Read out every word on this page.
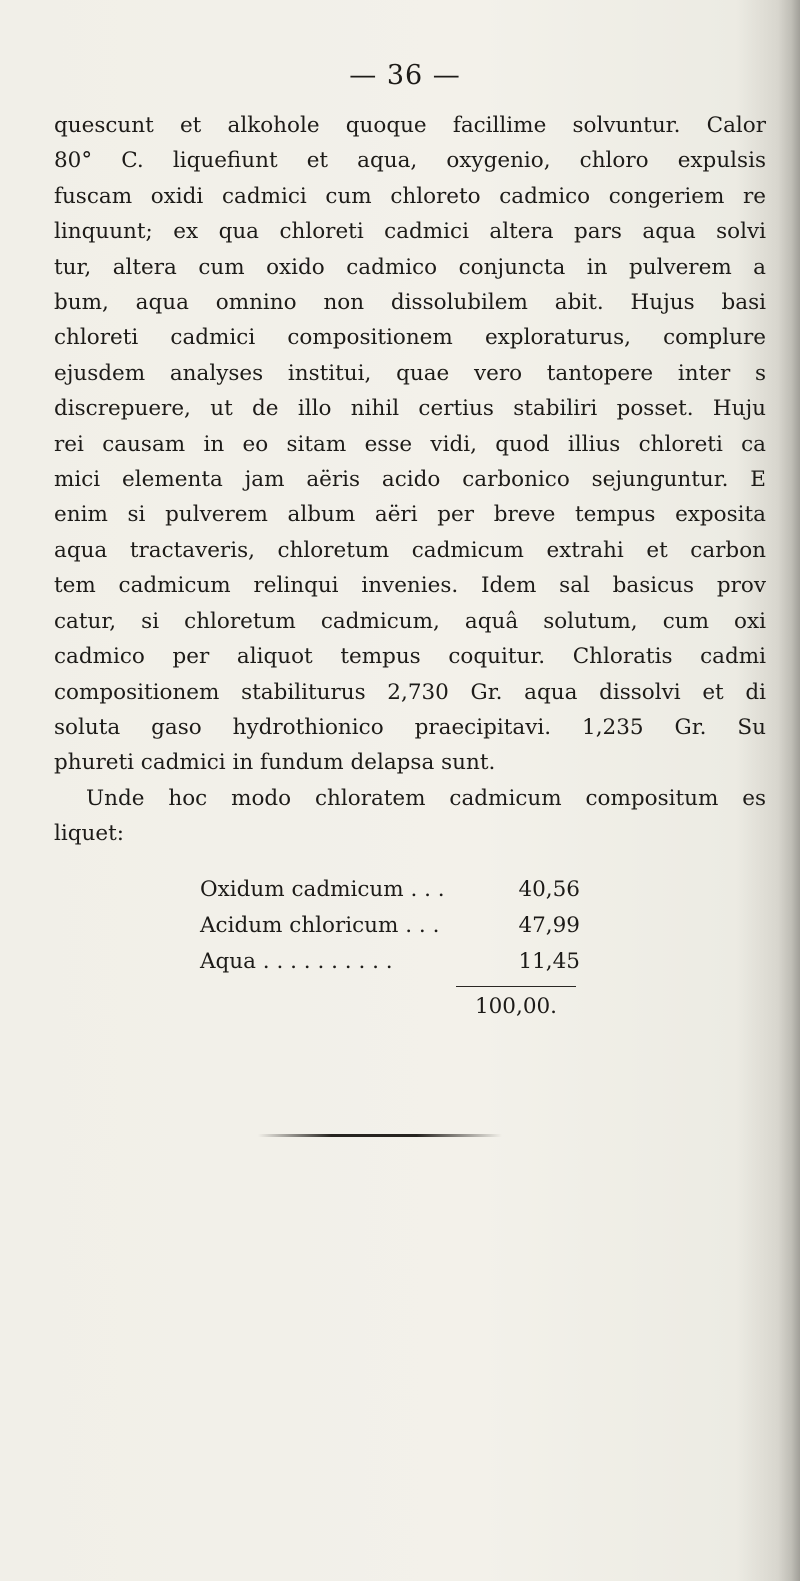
— 36 —
quescunt et alkohole quoque facillime solvuntur. Calor
80° C. liquefiunt et aqua, oxygenio, chloro expulsis
fuscam oxidi cadmici cum chloreto cadmico congeriem re
linquunt; ex qua chloreti cadmici altera pars aqua solvi
tur, altera cum oxido cadmico conjuncta in pulverem a
bum, aqua omnino non dissolubilem abit. Hujus basi
chloreti cadmici compositionem exploraturus, complure
ejusdem analyses institui, quae vero tantopere inter s
discrepuere, ut de illo nihil certius stabiliri posset. Huju
rei causam in eo sitam esse vidi, quod illius chloreti ca
mici elementa jam aëris acido carbonico sejunguntur. E
enim si pulverem album aëri per breve tempus exposita
aqua tractaveris, chloretum cadmicum extrahi et carbon
tem cadmicum relinqui invenies. Idem sal basicus prov
catur, si chloretum cadmicum, aquâ solutum, cum oxi
cadmico per aliquot tempus coquitur. Chloratis cadmi
compositionem stabiliturus 2,730 Gr. aqua dissolvi et di
soluta gaso hydrothionico praecipitavi. 1,235 Gr. Su
phureti cadmici in fundum delapsa sunt.
Unde hoc modo chloratem cadmicum compositum es
liquet:
Oxidum cadmicum . . .	40,56
Acidum chloricum . . .	47,99
Aqua . . . . . . . . . .	11,45
100,00.
